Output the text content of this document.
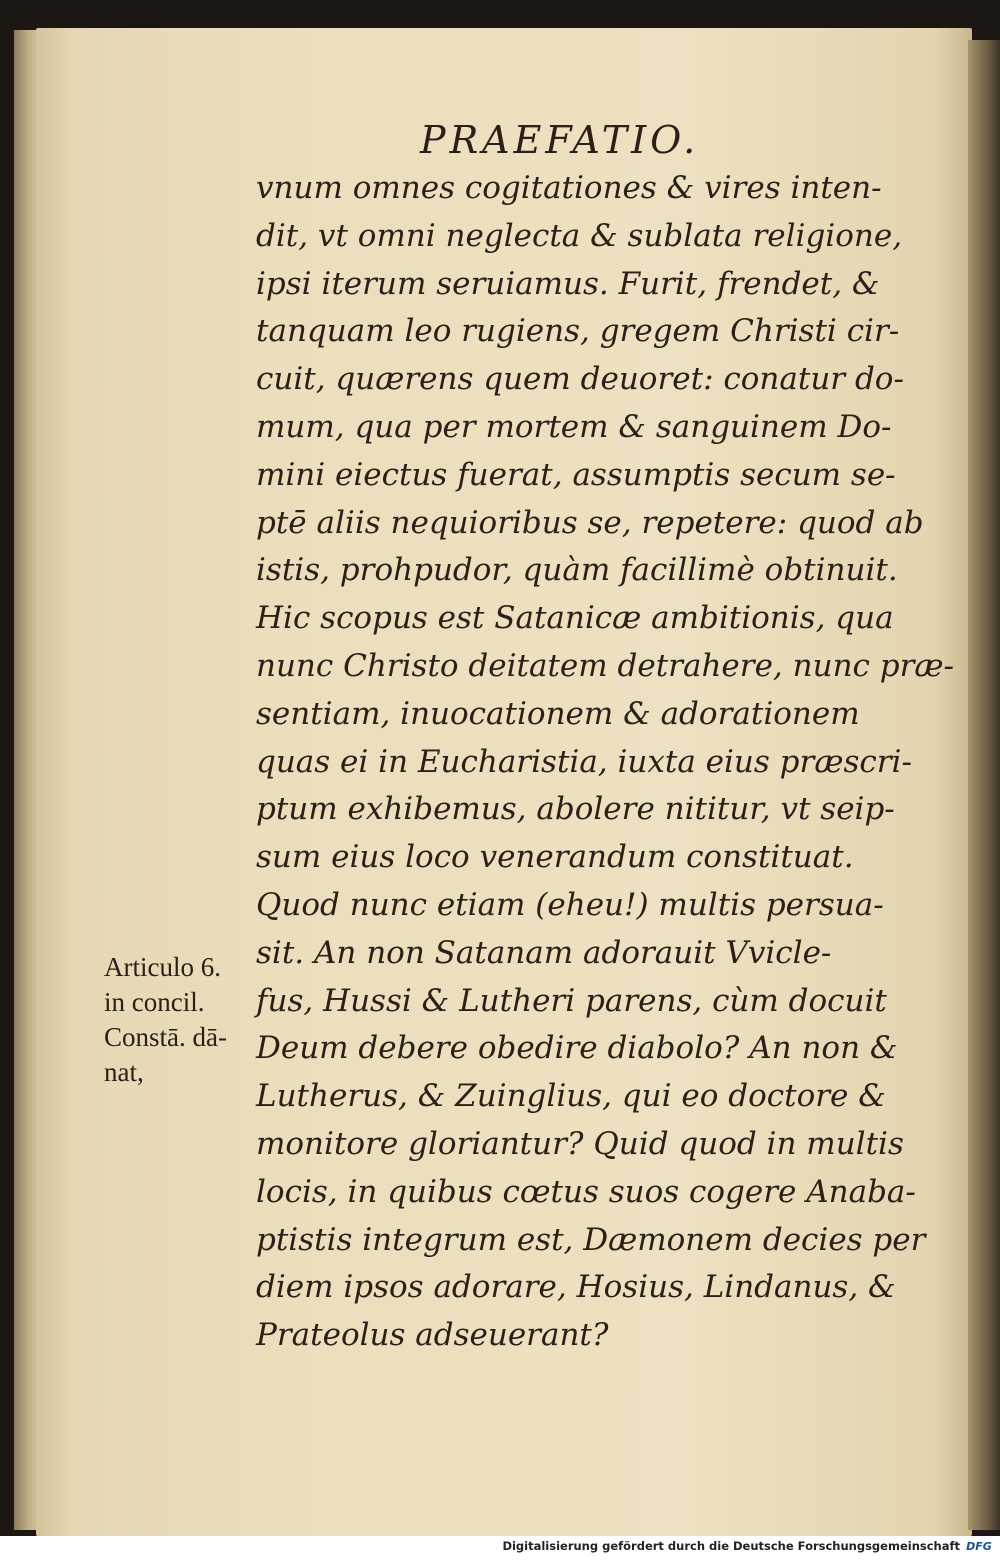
PRAEFATIO.
vnum omnes cogitationes & vires inten-
dit, vt omni neglecta & sublata religione,
ipsi iterum seruiamus. Furit, frendet, &
tanquam leo rugiens, gregem Christi cir-
cuit, quærens quem deuoret: conatur do-
mum, qua per mortem & sanguinem Do-
mini eiectus fuerat, assumptis secum se-
ptē aliis nequioribus se, repetere: quod ab
istis, prohpudor, quàm facillimè obtinuit.
Hic scopus est Satanicæ ambitionis, qua
nunc Christo deitatem detrahere, nunc præ-
sentiam, inuocationem & adorationem
quas ei in Eucharistia, iuxta eius præscri-
ptum exhibemus, abolere nititur, vt seip-
sum eius loco venerandum constituat.
Quod nunc etiam (eheu!) multis persua-
sit. An non Satanam adorauit Vvicle-
fus, Hussi & Lutheri parens, cùm docuit
Deum debere obedire diabolo? An non &
Lutherus, & Zuinglius, qui eo doctore &
monitore gloriantur? Quid quod in multis
locis, in quibus cœtus suos cogere Anaba-
ptistis integrum est, Dæmonem decies per
diem ipsos adorare, Hosius, Lindanus, &
Prateolus adseuerant?
Articulo 6.
in concil.
Constā. dā-
nat,
Digitalisierung gefördert durch die Deutsche Forschungsgemeinschaft DFG
